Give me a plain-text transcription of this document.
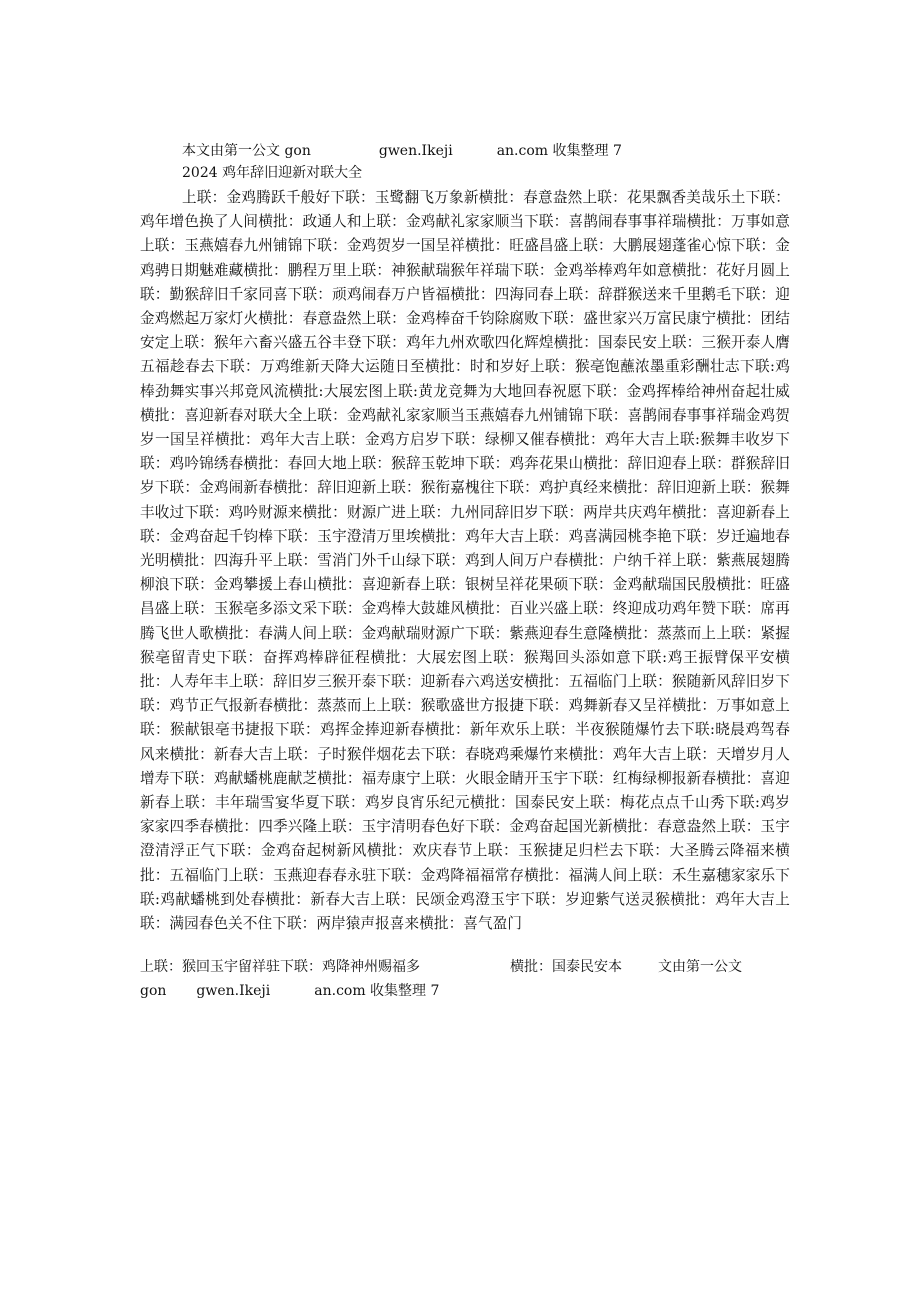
本文由第一公文 gon	gwen.Ikeji	an.com 收集整理 7
2024 鸡年辞旧迎新对联大全
上联：金鸡腾跃千般好下联：玉鹭翻飞万象新横批：春意盎然上联：花果飘香美哉乐土下联：鸡年增色换了人间横批：政通人和上联：金鸡献礼家家顺当下联：喜鹊闹春事事祥瑞横批：万事如意上联：玉燕嬉春九州铺锦下联：金鸡贺岁一国呈祥横批：旺盛昌盛上联：大鹏展翅蓬雀心惊下联：金鸡骋日期魅难藏横批：鹏程万里上联：神猴献瑞猴年祥瑞下联：金鸡举棒鸡年如意横批：花好月圆上联：勤猴辞旧千家同喜下联：顽鸡闹春万户皆福横批：四海同春上联：辞群猴送来千里鹅毛下联：迎金鸡燃起万家灯火横批：春意盎然上联：金鸡棒奋千钧除腐败下联：盛世家兴万富民康宁横批：团结安定上联：猴年六畜兴盛五谷丰登下联：鸡年九州欢歌四化辉煌横批：国泰民安上联：三猴开泰人膺五福趁春去下联：万鸡维新天降大运随日至横批：时和岁好上联：猴亳饱蘸浓墨重彩酬壮志下联:鸡棒劲舞实事兴邦竟风流横批:大展宏图上联:黄龙竞舞为大地回春祝愿下联：金鸡挥棒给神州奋起壮威横批：喜迎新春对联大全上联：金鸡献礼家家顺当玉燕嬉春九州铺锦下联：喜鹊闹春事事祥瑞金鸡贺岁一国呈祥横批：鸡年大吉上联：金鸡方启岁下联：绿柳又催春横批：鸡年大吉上联:猴舞丰收岁下联：鸡吟锦绣春横批：春回大地上联：猴辞玉乾坤下联：鸡奔花果山横批：辞旧迎春上联：群猴辞旧岁下联：金鸡闹新春横批：辞旧迎新上联：猴衔嘉槐往下联：鸡护真经来横批：辞旧迎新上联：猴舞丰收过下联：鸡吟财源来横批：财源广进上联：九州同辞旧岁下联：两岸共庆鸡年横批：喜迎新春上联：金鸡奋起千钧棒下联：玉宇澄清万里埃横批：鸡年大吉上联：鸡喜满园桃李艳下联：岁迁遍地春光明横批：四海升平上联：雪消门外千山绿下联：鸡到人间万户春横批：户纳千祥上联：紫燕展翅腾柳浪下联：金鸡攀援上春山横批：喜迎新春上联：银树呈祥花果硕下联：金鸡献瑞国民殷横批：旺盛昌盛上联：玉猴亳多添文采下联：金鸡棒大鼓雄风横批：百业兴盛上联：终迎成功鸡年赞下联：席再腾飞世人歌横批：春满人间上联：金鸡献瑞财源广下联：紫燕迎春生意隆横批：蒸蒸而上上联：紧握猴亳留青史下联：奋挥鸡棒辟征程横批：大展宏图上联：猴羯回头添如意下联:鸡王振臂保平安横批：人寿年丰上联：辞旧岁三猴开泰下联：迎新春六鸡送安横批：五福临门上联：猴随新风辞旧岁下联：鸡节正气报新春横批：蒸蒸而上上联：猴歌盛世方报捷下联：鸡舞新春又呈祥横批：万事如意上联：猴献银亳书捷报下联：鸡挥金捧迎新春横批：新年欢乐上联：半夜猴随爆竹去下联:晓晨鸡驾春风来横批：新春大吉上联：子时猴伴烟花去下联：春晓鸡乘爆竹来横批：鸡年大吉上联：天增岁月人增寿下联：鸡献蟠桃鹿献芝横批：福寿康宁上联：火眼金睛开玉宇下联：红梅绿柳报新春横批：喜迎新春上联：丰年瑞雪宴华夏下联：鸡岁良宵乐纪元横批：国泰民安上联：梅花点点千山秀下联:鸡岁家家四季春横批：四季兴隆上联：玉宇清明春色好下联：金鸡奋起国光新横批：春意盎然上联：玉宇澄清浮正气下联：金鸡奋起树新风横批：欢庆春节上联：玉猴捷足归栏去下联：大圣腾云降福来横批：五福临门上联：玉燕迎春春永驻下联：金鸡降福福常存横批：福满人间上联：禾生嘉穗家家乐下联:鸡献蟠桃到处春横批：新春大吉上联：民颂金鸡澄玉宇下联：岁迎紫气送灵猴横批：鸡年大吉上联：满园春色关不住下联：两岸猿声报喜来横批：喜气盈门
上联：猴回玉宇留祥驻下联：鸡降神州赐福多	横批：国泰民安本	文由第一公文
gon gwen.Ikeji	an.com 收集整理 7
